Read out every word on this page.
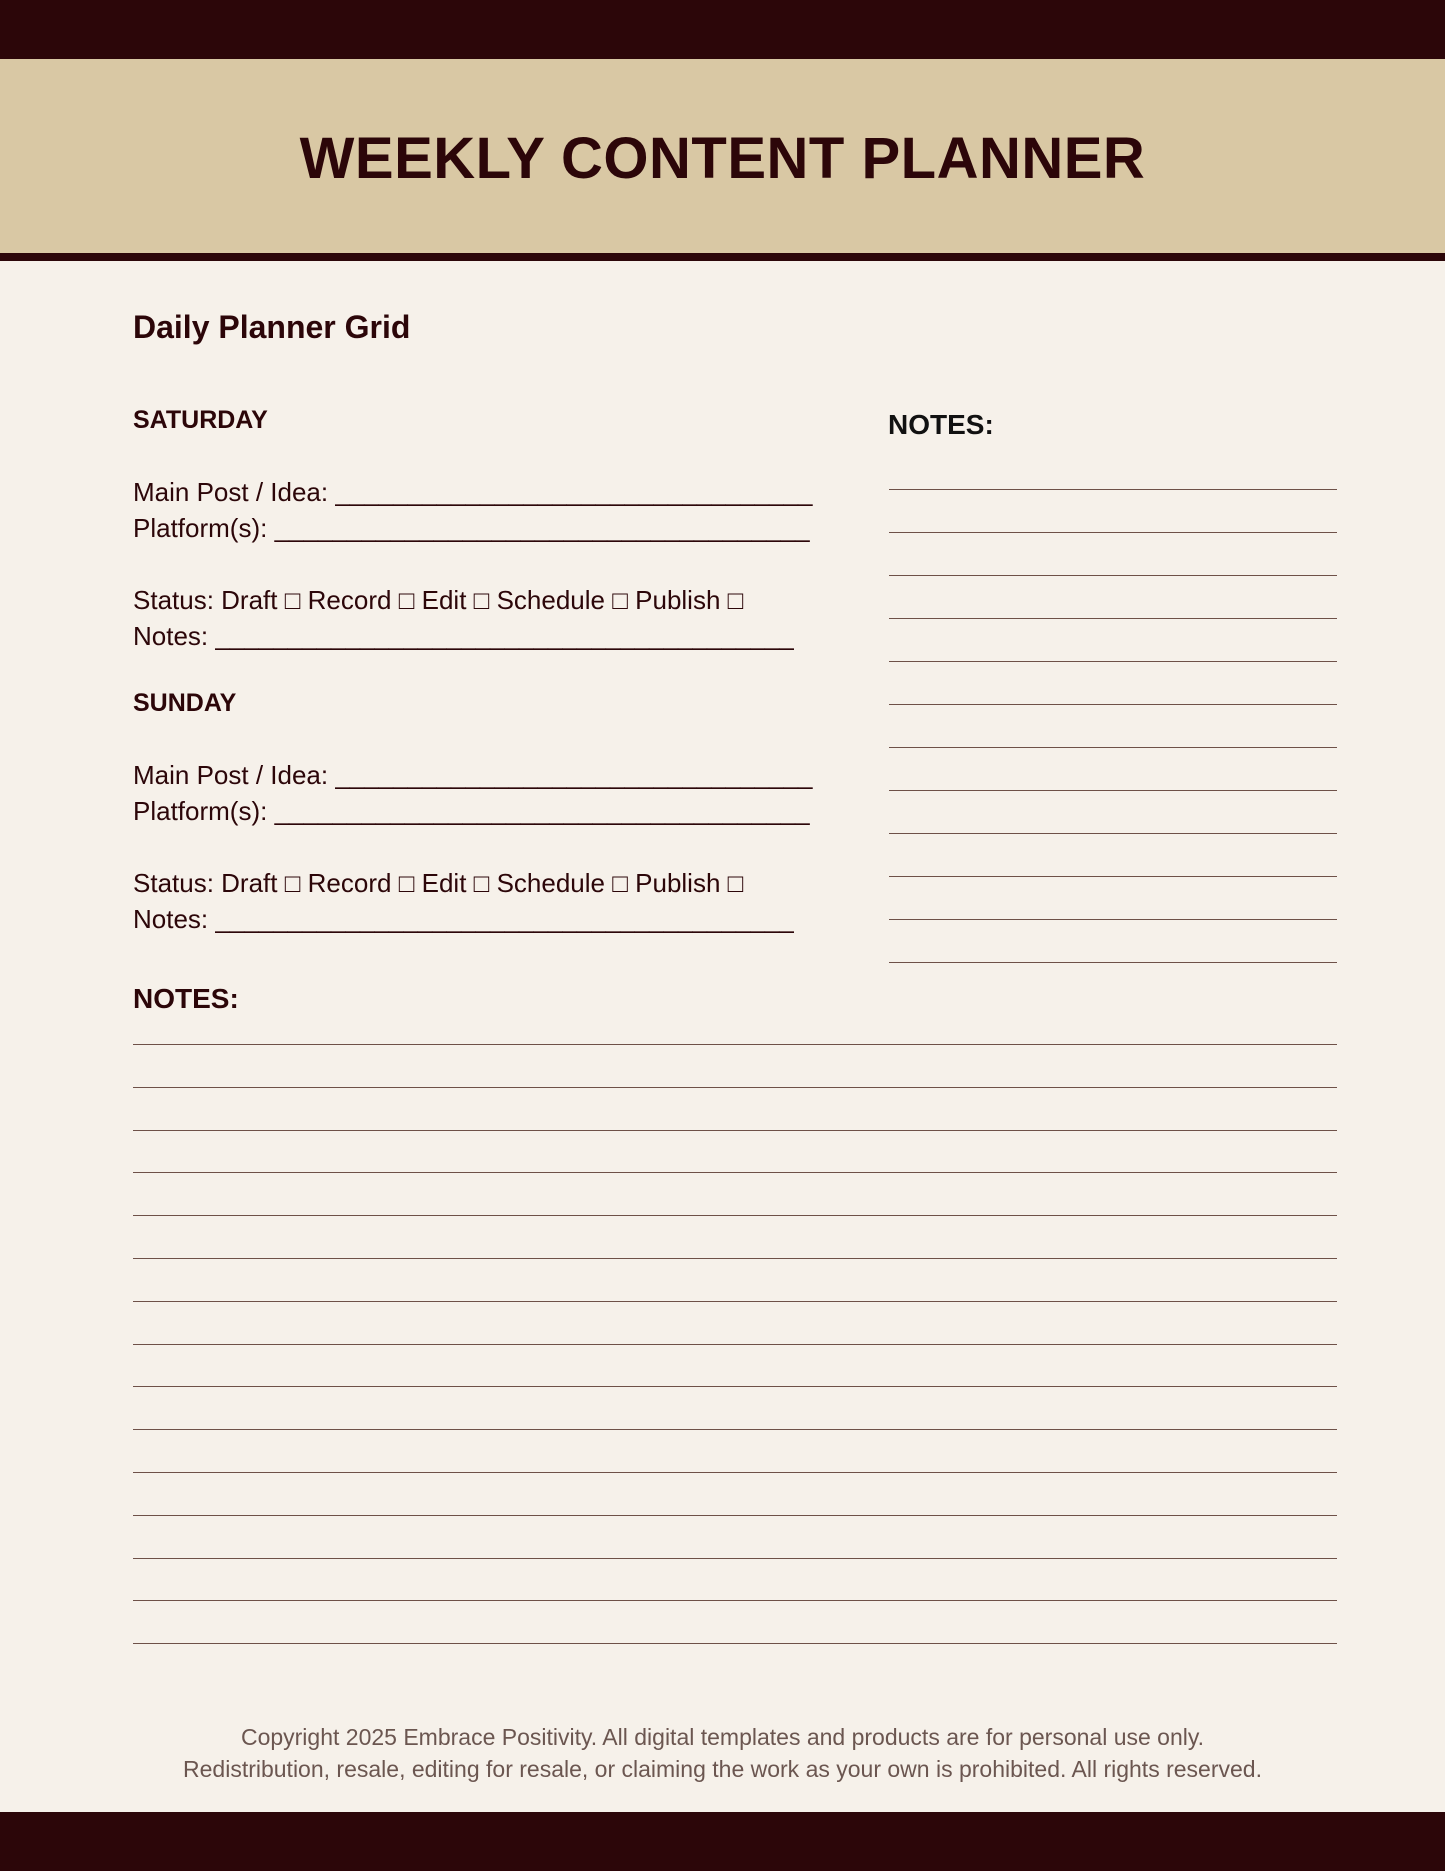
WEEKLY CONTENT PLANNER
Daily Planner Grid
SATURDAY
Main Post / Idea: _________________________________
Platform(s): _____________________________________
Status: Draft □ Record □ Edit □ Schedule □ Publish □
Notes: ________________________________________
SUNDAY
Main Post / Idea: _________________________________
Platform(s): _____________________________________
Status: Draft □ Record □ Edit □ Schedule □ Publish □
Notes: ________________________________________
NOTES:
NOTES:
Copyright 2025 Embrace Positivity. All digital templates and products are for personal use only.
Redistribution, resale, editing for resale, or claiming the work as your own is prohibited. All rights reserved.
